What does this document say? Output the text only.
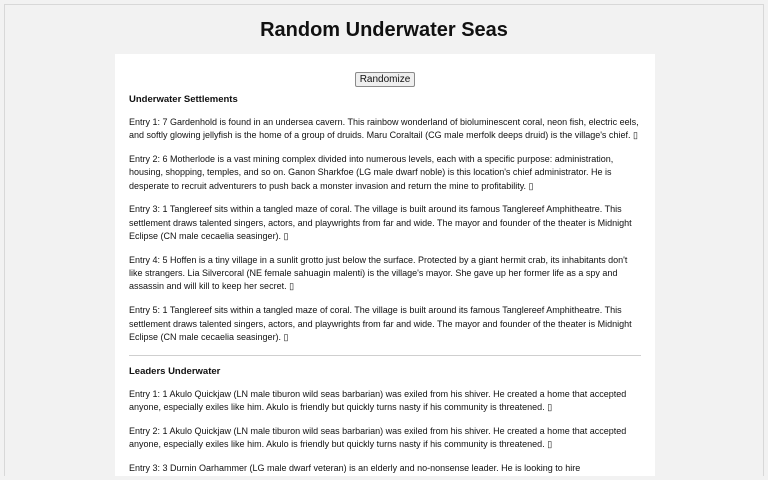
Random Underwater Seas
Randomize
Underwater Settlements

Entry 1: 7 Gardenhold is found in an undersea cavern. This rainbow wonderland of bioluminescent coral, neon fish, electric eels, and softly glowing jellyfish is the home of a group of druids. Maru Coraltail (CG male merfolk deeps druid) is the village's chief. ▯

Entry 2: 6 Motherlode is a vast mining complex divided into numerous levels, each with a specific purpose: administration, housing, shopping, temples, and so on. Ganon Sharkfoe (LG male dwarf noble) is this location's chief administrator. He is desperate to recruit adventurers to push back a monster invasion and return the mine to profitability. ▯

Entry 3: 1 Tanglereef sits within a tangled maze of coral. The village is built around its famous Tanglereef Amphitheatre. This settlement draws talented singers, actors, and playwrights from far and wide. The mayor and founder of the theater is Midnight Eclipse (CN male cecaelia seasinger). ▯

Entry 4: 5 Hoffen is a tiny village in a sunlit grotto just below the surface. Protected by a giant hermit crab, its inhabitants don't like strangers. Lia Silvercoral (NE female sahuagin malenti) is the village's mayor. She gave up her former life as a spy and assassin and will kill to keep her secret. ▯

Entry 5: 1 Tanglereef sits within a tangled maze of coral. The village is built around its famous Tanglereef Amphitheatre. This settlement draws talented singers, actors, and playwrights from far and wide. The mayor and founder of the theater is Midnight Eclipse (CN male cecaelia seasinger). ▯

Leaders Underwater

Entry 1: 1 Akulo Quickjaw (LN male tiburon wild seas barbarian) was exiled from his shiver. He created a home that accepted anyone, especially exiles like him. Akulo is friendly but quickly turns nasty if his community is threatened. ▯

Entry 2: 1 Akulo Quickjaw (LN male tiburon wild seas barbarian) was exiled from his shiver. He created a home that accepted anyone, especially exiles like him. Akulo is friendly but quickly turns nasty if his community is threatened. ▯

Entry 3: 3 Durnin Oarhammer (LG male dwarf veteran) is an elderly and no-nonsense leader. He is looking to hire
